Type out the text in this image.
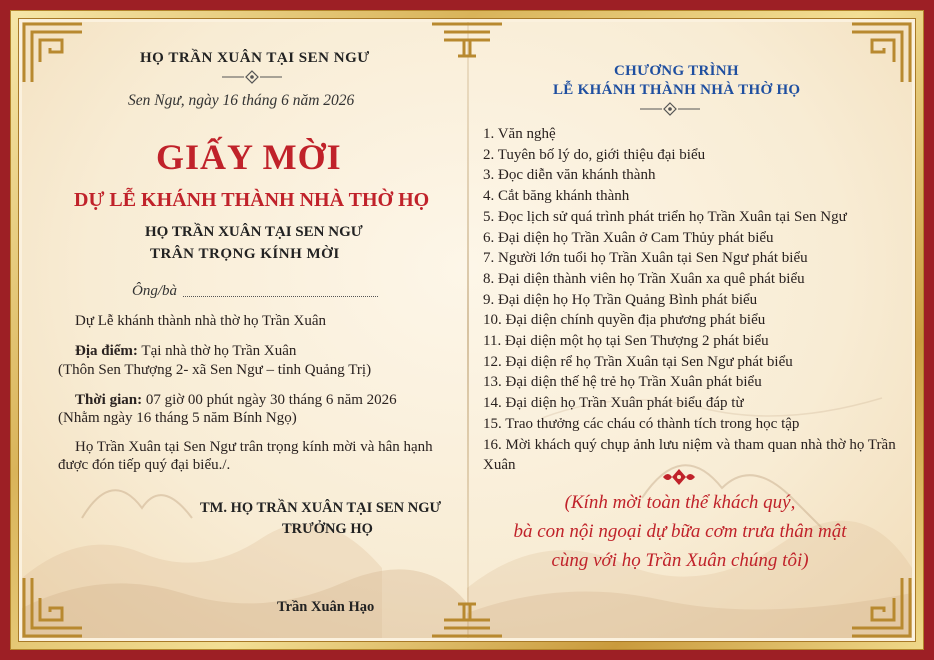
HỌ TRẦN XUÂN TẠI SEN NGƯ
Sen Ngư, ngày 16 tháng 6 năm 2026
GIẤY MỜI
DỰ LỄ KHÁNH THÀNH NHÀ THỜ HỌ
HỌ TRẦN XUÂN TẠI SEN NGƯ
TRÂN TRỌNG KÍNH MỜI
Ông/bà
Dự Lễ khánh thành nhà thờ họ Trần Xuân
Địa điểm: Tại nhà thờ họ Trần Xuân
(Thôn Sen Thượng 2- xã Sen Ngư – tỉnh Quảng Trị)
Thời gian: 07 giờ 00 phút ngày 30 tháng 6 năm 2026
(Nhằm ngày 16 tháng 5 năm Bính Ngọ)
Họ Trần Xuân tại Sen Ngư trân trọng kính mời và hân hạnh
được đón tiếp quý đại biểu./.
TM. HỌ TRẦN XUÂN TẠI SEN NGƯ
TRƯỞNG HỌ
Trần Xuân Hạo
CHƯƠNG TRÌNH
LỄ KHÁNH THÀNH NHÀ THỜ HỌ
1. Văn nghệ
2. Tuyên bố lý do, giới thiệu đại biểu
3. Đọc diễn văn khánh thành
4. Cắt băng khánh thành
5. Đọc lịch sử quá trình phát triển họ Trần Xuân tại Sen Ngư
6. Đại diện họ Trần Xuân ở Cam Thủy phát biểu
7. Người lớn tuổi họ Trần Xuân tại Sen Ngư phát biểu
8. Đại diện thành viên họ Trần Xuân xa quê phát biểu
9. Đại diện họ Họ Trần Quảng Bình phát biểu
10. Đại diện chính quyền địa phương phát biểu
11. Đại diện một họ tại Sen Thượng 2 phát biểu
12. Đại diện rể họ Trần Xuân tại Sen Ngư phát biểu
13. Đại diện thế hệ trẻ họ Trần Xuân phát biểu
14. Đại diện họ Trần Xuân phát biểu đáp từ
15. Trao thưởng các cháu có thành tích trong học tập
16. Mời khách quý chụp ảnh lưu niệm và tham quan nhà thờ họ Trần Xuân
(Kính mời toàn thể khách quý,
bà con nội ngoại dự bữa cơm trưa thân mật
cùng với họ Trần Xuân chúng tôi)
